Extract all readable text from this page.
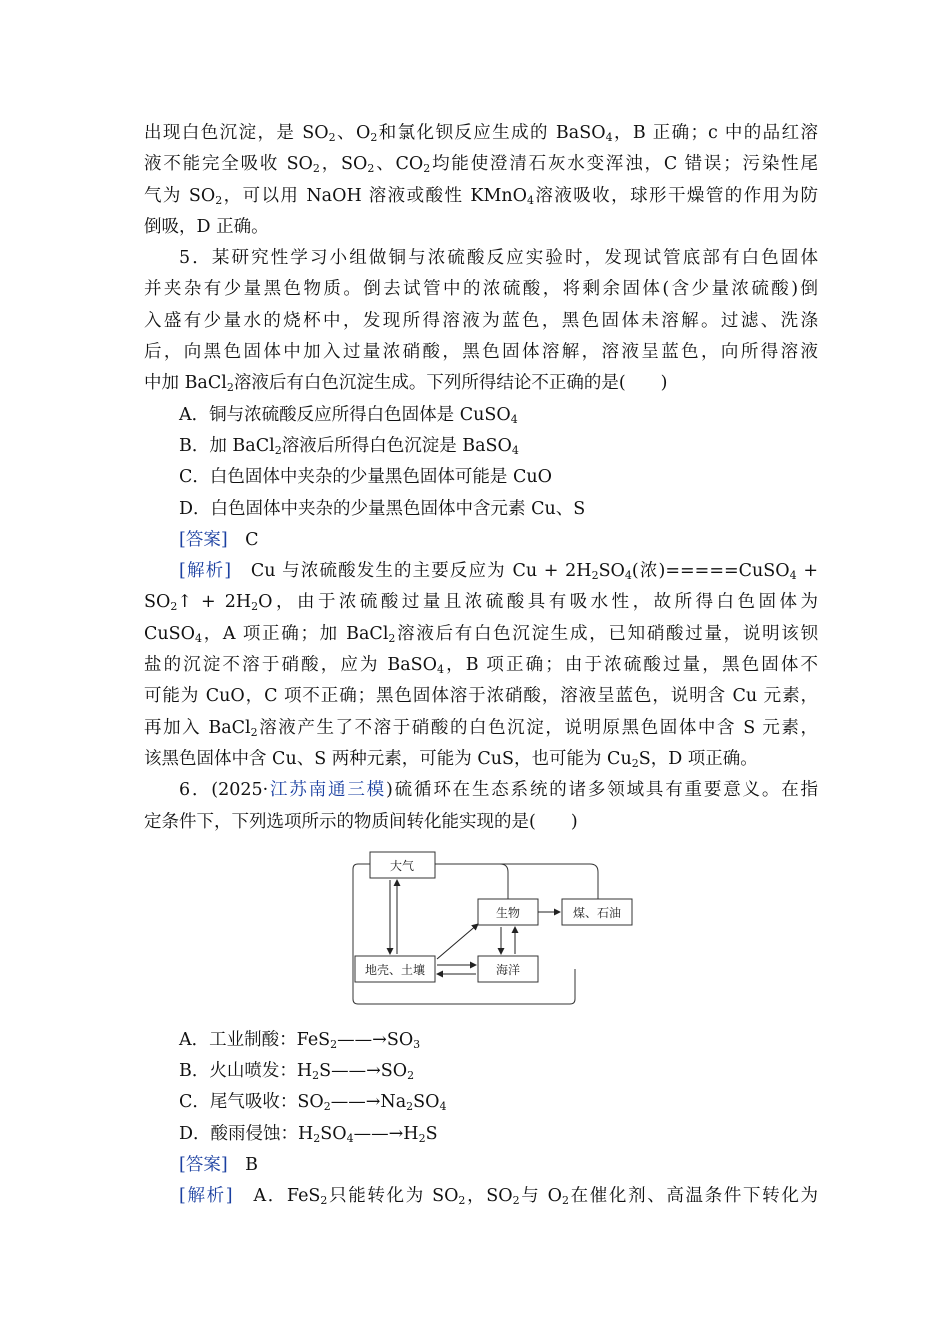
出现白色沉淀，是 $SO_2$、$O_2$和氯化钡反应生成的 BaSO$_4$，B 正确；c 中的品红溶
液不能完全吸收 $SO_2$，$SO_2$、$CO_2$均能使澄清石灰水变浑浊，C 错误；污染性尾
气为 $SO_2$，可以用 NaOH 溶液或酸性 KMnO$_4$溶液吸收，球形干燥管的作用为防
倒吸，D 正确。
5．某研究性学习小组做铜与浓硫酸反应实验时，发现试管底部有白色固体
并夹杂有少量黑色物质。倒去试管中的浓硫酸，将剩余固体(含少量浓硫酸)倒
入盛有少量水的烧杯中，发现所得溶液为蓝色，黑色固体未溶解。过滤、洗涤
后，向黑色固体中加入过量浓硝酸，黑色固体溶解，溶液呈蓝色，向所得溶液
中加 BaCl$_2$溶液后有白色沉淀生成。下列所得结论不正确的是(　　)
A．铜与浓硫酸反应所得白色固体是 CuSO$_4$
B．加 BaCl$_2$溶液后所得白色沉淀是 BaSO$_4$
C．白色固体中夹杂的少量黑色固体可能是 CuO
D．白色固体中夹杂的少量黑色固体中含元素 Cu、S
[答案]　 C
[解析]　 Cu 与浓硫酸发生的主要反应为 $Cu + 2H_2SO_4$(浓)=====CuSO$_4$ +
$SO_2↑ + 2H_2O$，由于浓硫酸过量且浓硫酸具有吸水性，故所得白色固体为
CuSO$_4$，A 项正确；加 BaCl$_2$溶液后有白色沉淀生成，已知硝酸过量，说明该钡
盐的沉淀不溶于硝酸，应为 BaSO$_4$，B 项正确；由于浓硫酸过量，黑色固体不
可能为 CuO，C 项不正确；黑色固体溶于浓硝酸，溶液呈蓝色，说明含 Cu 元素，
再加入 BaCl$_2$溶液产生了不溶于硝酸的白色沉淀，说明原黑色固体中含 S 元素，
该黑色固体中含 Cu、S 两种元素，可能为 CuS，也可能为 $Cu_2S$，D 项正确。
6．(2025·江苏南通三模)硫循环在生态系统的诸多领域具有重要意义。在指
定条件下，下列选项所示的物质间转化能实现的是(　　)
大气
生物	煤、石油
地壳、土壤	海洋
A．工业制酸：$FeS_2——\to SO_3$
B．火山喷发：$H_2S——\to SO_2$
C．尾气吸收：$SO_2——\to Na_2SO_4$
D．酸雨侵蚀：$H_2SO_4——\to H_2S$
[答案]　 B
[解析]　 A．FeS$_2$只能转化为 $SO_2$，$SO_2$与 $O_2$在催化剂、高温条件下转化为
